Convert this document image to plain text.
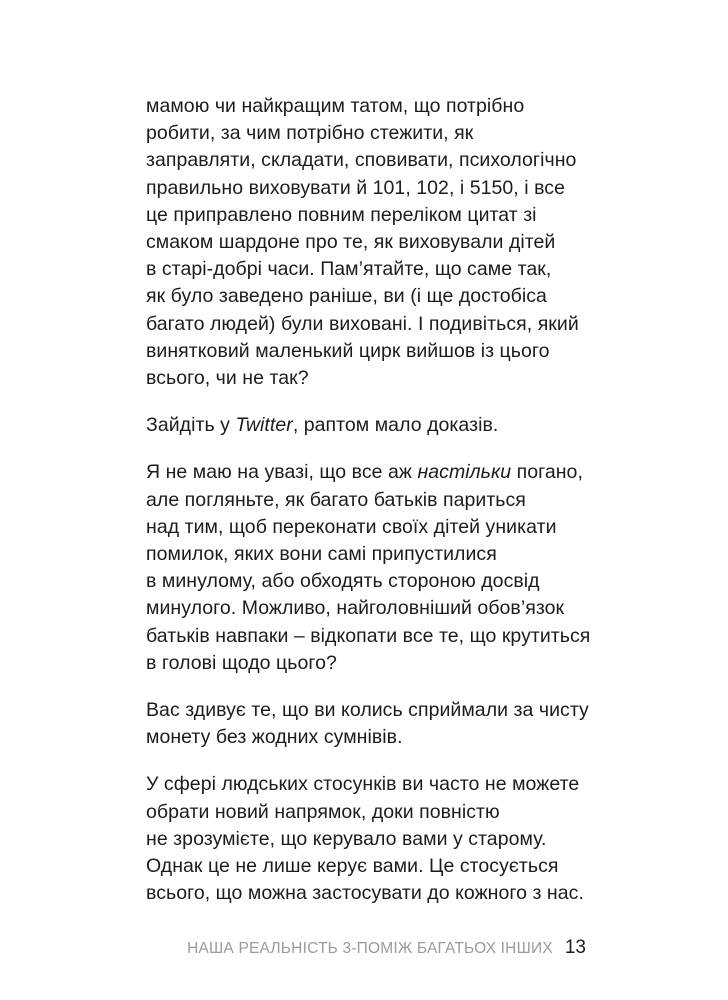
мамою чи найкращим татом, що потрібно
робити, за чим потрібно стежити, як
заправляти, складати, сповивати, психологічно
правильно виховувати й 101, 102, і 5150, і все
це приправлено повним переліком цитат зі
смаком шардоне про те, як виховували дітей
в старі-добрі часи. Пам’ятайте, що саме так,
як було заведено раніше, ви (і ще достобіса
багато людей) були виховані. І подивіться, який
винятковий маленький цирк вийшов із цього
всього, чи не так?

Зайдіть у Twitter, раптом мало доказів.

Я не маю на увазі, що все аж настільки погано,
але погляньте, як багато батьків париться
над тим, щоб переконати своїх дітей уникати
помилок, яких вони самі припустилися
в минулому, або обходять стороною досвід
минулого. Можливо, найголовніший обов’язок
батьків навпаки – відкопати все те, що крутиться
в голові щодо цього?

Вас здивує те, що ви колись сприймали за чисту
монету без жодних сумнівів.

У сфері людських стосунків ви часто не можете
обрати новий напрямок, доки повністю
не зрозумієте, що керувало вами у старому.
Однак це не лише керує вами. Це стосується
всього, що можна застосувати до кожного з нас.

НАША РЕАЛЬНІСТЬ 3-ПОМІЖ БАГАТЬОХ ІНШИХ 13
